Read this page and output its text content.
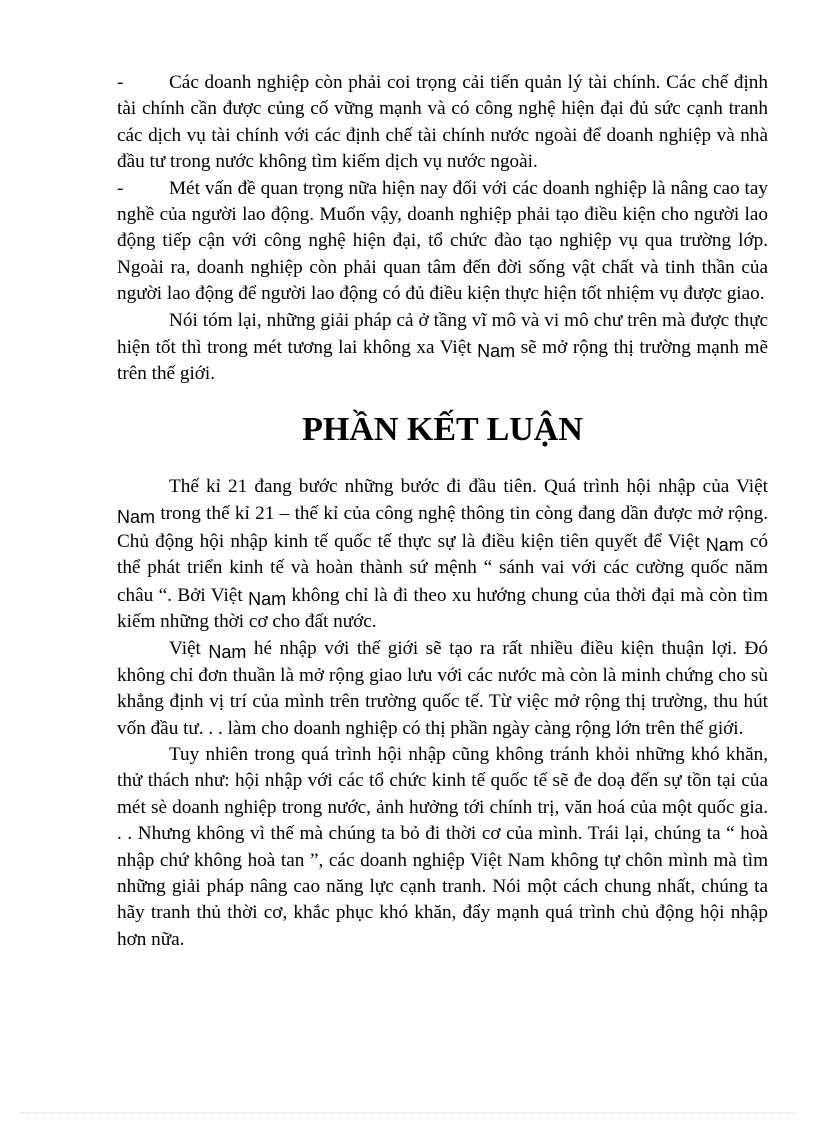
- Các doanh nghiệp còn phải coi trọng cải tiến quản lý tài chính. Các chế định tài chính cần được củng cố vững mạnh và có công nghệ hiện đại đủ sức cạnh tranh các dịch vụ tài chính với các định chế tài chính nước ngoài để doanh nghiệp và nhà đầu tư trong nước không tìm kiếm dịch vụ nước ngoài.

- Mét vấn đề quan trọng nữa hiện nay đối với các doanh nghiệp là nâng cao tay nghề của người lao động. Muốn vậy, doanh nghiệp phải tạo điều kiện cho người lao động tiếp cận với công nghệ hiện đại, tổ chức đào tạo nghiệp vụ qua trường lớp. Ngoài ra, doanh nghiệp còn phải quan tâm đến đời sống vật chất và tinh thần của người lao động để người lao động có đủ điều kiện thực hiện tốt nhiệm vụ được giao.

Nói tóm lại, những giải pháp cả ở tầng vĩ mô và vi mô chư trên mà được thực hiện tốt thì trong mét tương lai không xa Việt Nam sẽ mở rộng thị trường mạnh mẽ trên thế giới.

PHẦN KẾT LUẬN

Thế kỉ 21 đang bước những bước đi đầu tiên. Quá trình hội nhập của Việt Nam trong thế kỉ 21 – thế kỉ của công nghệ thông tin còng đang dần được mở rộng. Chủ động hội nhập kinh tế quốc tế thực sự là điều kiện tiên quyết để Việt Nam có thể phát triển kinh tế và hoàn thành sứ mệnh “ sánh vai với các cường quốc năm châu “. Bởi Việt Nam không chỉ là đi theo xu hướng chung của thời đại mà còn tìm kiếm những thời cơ cho đất nước.

Việt Nam hé nhập với thế giới sẽ tạo ra rất nhiều điều kiện thuận lợi. Đó không chỉ đơn thuần là mở rộng giao lưu với các nước mà còn là minh chứng cho sù khẳng định vị trí của mình trên trường quốc tế. Từ việc mở rộng thị trường, thu hút vốn đầu tư. . . làm cho doanh nghiệp có thị phần ngày càng rộng lớn trên thế giới.

Tuy nhiên trong quá trình hội nhập cũng không tránh khỏi những khó khăn, thử thách như: hội nhập với các tổ chức kinh tế quốc tế sẽ đe doạ đến sự tồn tại của mét sè doanh nghiệp trong nước, ảnh hưởng tới chính trị, văn hoá của một quốc gia. . . Nhưng không vì thế mà chúng ta bỏ đi thời cơ của mình. Trái lại, chúng ta “ hoà nhập chứ không hoà tan ”, các doanh nghiệp Việt Nam không tự chôn mình mà tìm những giải pháp nâng cao năng lực cạnh tranh. Nói một cách chung nhất, chúng ta hãy tranh thủ thời cơ, khắc phục khó khăn, đẩy mạnh quá trình chủ động hội nhập hơn nữa.
